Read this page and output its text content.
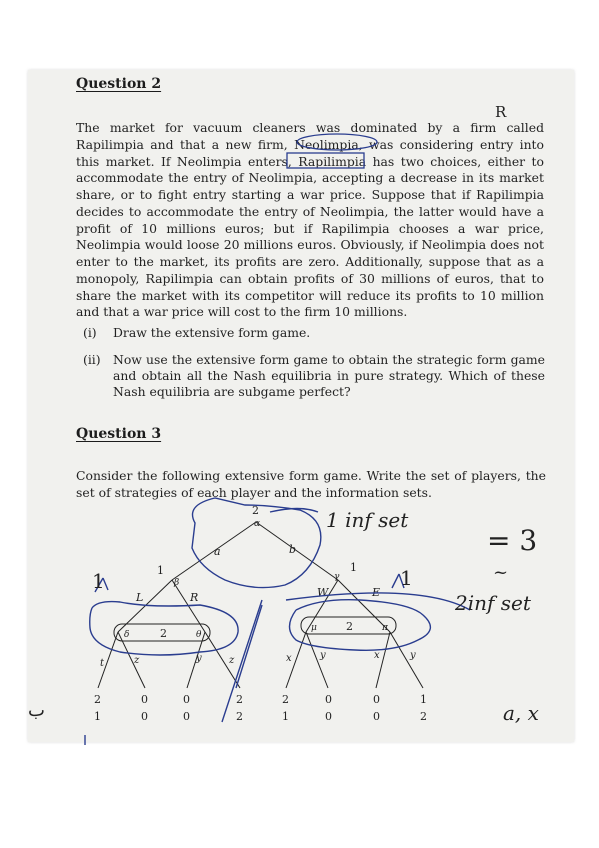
Question 2

The market for vacuum cleaners was dominated by a firm called Rapilimpia and that a new firm, Neolimpia, was considering entry into this market. If Neolimpia enters, Rapilimpia has two choices, either to accommodate the entry of Neolimpia, accepting a decrease in its market share, or to fight entry starting a war price. Suppose that if Rapilimpia decides to accommodate the entry of Neolimpia, the latter would have a profit of 10 millions euros; but if Rapilimpia chooses a war price, Neolimpia would loose 20 millions euros. Obviously, if Neolimpia does not enter to the market, its profits are zero. Additionally, suppose that as a monopoly, Rapilimpia can obtain profits of 30 millions of euros, that to share the market with its competitor will reduce its profits to 10 million and that a war price will cost to the firm 10 millions.

(i) Draw the extensive form game.

(ii) Now use the extensive form game to obtain the strategic form game and obtain all the Nash equilibria in pure strategy. Which of these Nash equilibria are subgame perfect?

Question 3

Consider the following extensive form game. Write the set of players, the set of strategies of each player and the information sets.

R
2
α
a	b
1
β
L	R
1
γ
W	E
δ	2	θ
μ	2	π
t	z	y	z	x	y	x	y
2
1
0
0
0
0
2
2
2
1
0
0
0
0
1
2
1 inf set
= 3
1	1	~
2inf set
a, x
ب
